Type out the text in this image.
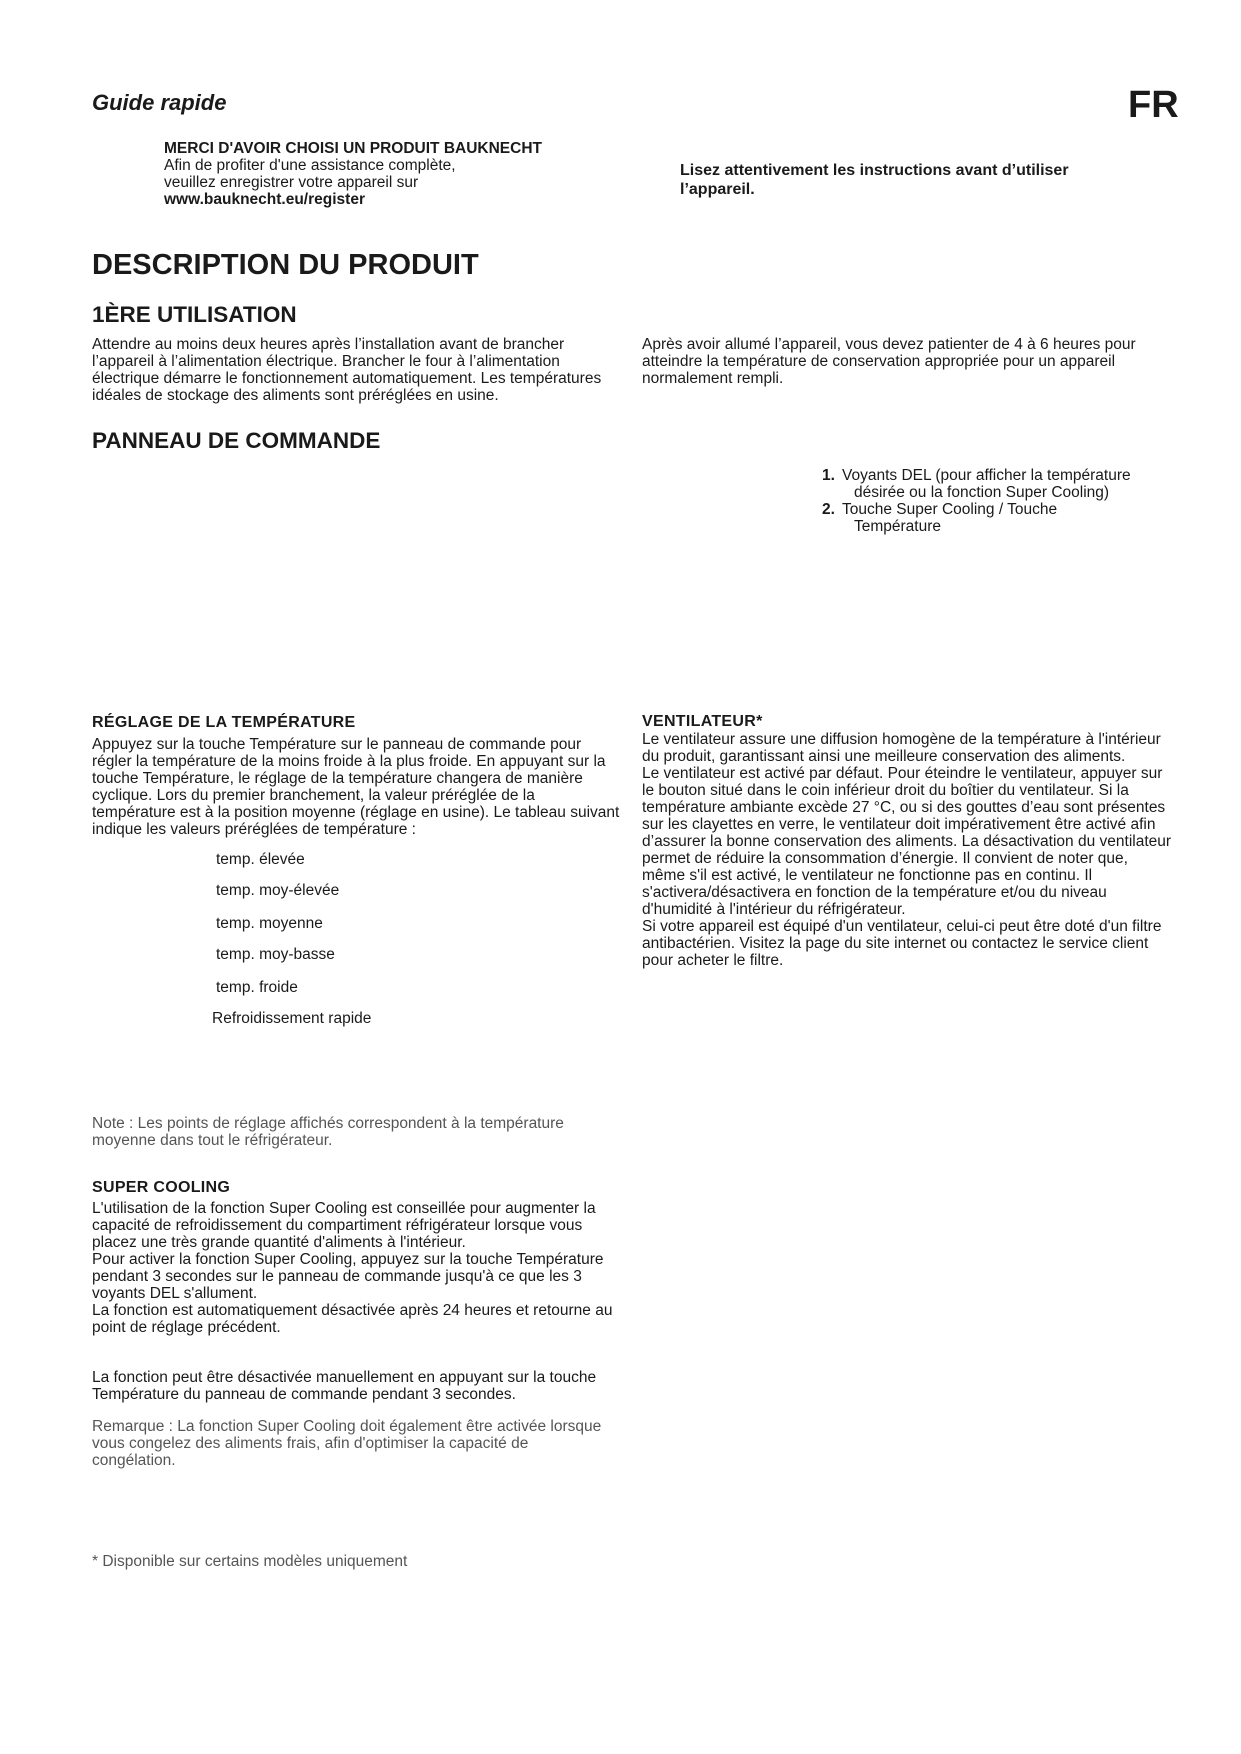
Guide rapide	FR
MERCI D'AVOIR CHOISI UN PRODUIT BAUKNECHT
Afin de profiter d'une assistance complète,
veuillez enregistrer votre appareil sur
www.bauknecht.eu/register
Lisez attentivement les instructions avant d’utiliser l’appareil.
DESCRIPTION DU PRODUIT
1ÈRE UTILISATION

Attendre au moins deux heures après l’installation avant de brancher l’appareil à l’alimentation électrique. Brancher le four à l’alimentation électrique démarre le fonctionnement automatiquement. Les températures idéales de stockage des aliments sont préréglées en usine.

Après avoir allumé l’appareil, vous devez patienter de 4 à 6 heures pour atteindre la température de conservation appropriée pour un appareil normalement rempli.

PANNEAU DE COMMANDE
1. Voyants DEL (pour afficher la température
désirée ou la fonction Super Cooling)
2. Touche Super Cooling / Touche
Température
RÉGLAGE DE LA TEMPÉRATURE

Appuyez sur la touche Température sur le panneau de commande pour régler la température de la moins froide à la plus froide. En appuyant sur la touche Température, le réglage de la température changera de manière cyclique. Lors du premier branchement, la valeur préréglée de la température est à la position moyenne (réglage en usine). Le tableau suivant indique les valeurs préréglées de température :

temp. élevée
temp. moy-élevée
temp. moyenne
temp. moy-basse
temp. froide
Refroidissement rapide

Note : Les points de réglage affichés correspondent à la température moyenne dans tout le réfrigérateur.

SUPER COOLING

L'utilisation de la fonction Super Cooling est conseillée pour augmenter la capacité de refroidissement du compartiment réfrigérateur lorsque vous placez une très grande quantité d'aliments à l'intérieur.

Pour activer la fonction Super Cooling, appuyez sur la touche Température pendant 3 secondes sur le panneau de commande jusqu'à ce que les 3 voyants DEL s'allument.

La fonction est automatiquement désactivée après 24 heures et retourne au point de réglage précédent.

La fonction peut être désactivée manuellement en appuyant sur la touche Température du panneau de commande pendant 3 secondes.

Remarque : La fonction Super Cooling doit également être activée lorsque vous congelez des aliments frais, afin d'optimiser la capacité de congélation.

VENTILATEUR*

Le ventilateur assure une diffusion homogène de la température à l'intérieur du produit, garantissant ainsi une meilleure conservation des aliments.

Le ventilateur est activé par défaut. Pour éteindre le ventilateur, appuyer sur le bouton situé dans le coin inférieur droit du boîtier du ventilateur. Si la température ambiante excède 27 °C, ou si des gouttes d’eau sont présentes sur les clayettes en verre, le ventilateur doit impérativement être activé afin d’assurer la bonne conservation des aliments. La désactivation du ventilateur permet de réduire la consommation d’énergie. Il convient de noter que, même s'il est activé, le ventilateur ne fonctionne pas en continu. Il s'activera/désactivera en fonction de la température et/ou du niveau d'humidité à l'intérieur du réfrigérateur.

Si votre appareil est équipé d'un ventilateur, celui-ci peut être doté d'un filtre antibactérien. Visitez la page du site internet ou contactez le service client pour acheter le filtre.

* Disponible sur certains modèles uniquement
